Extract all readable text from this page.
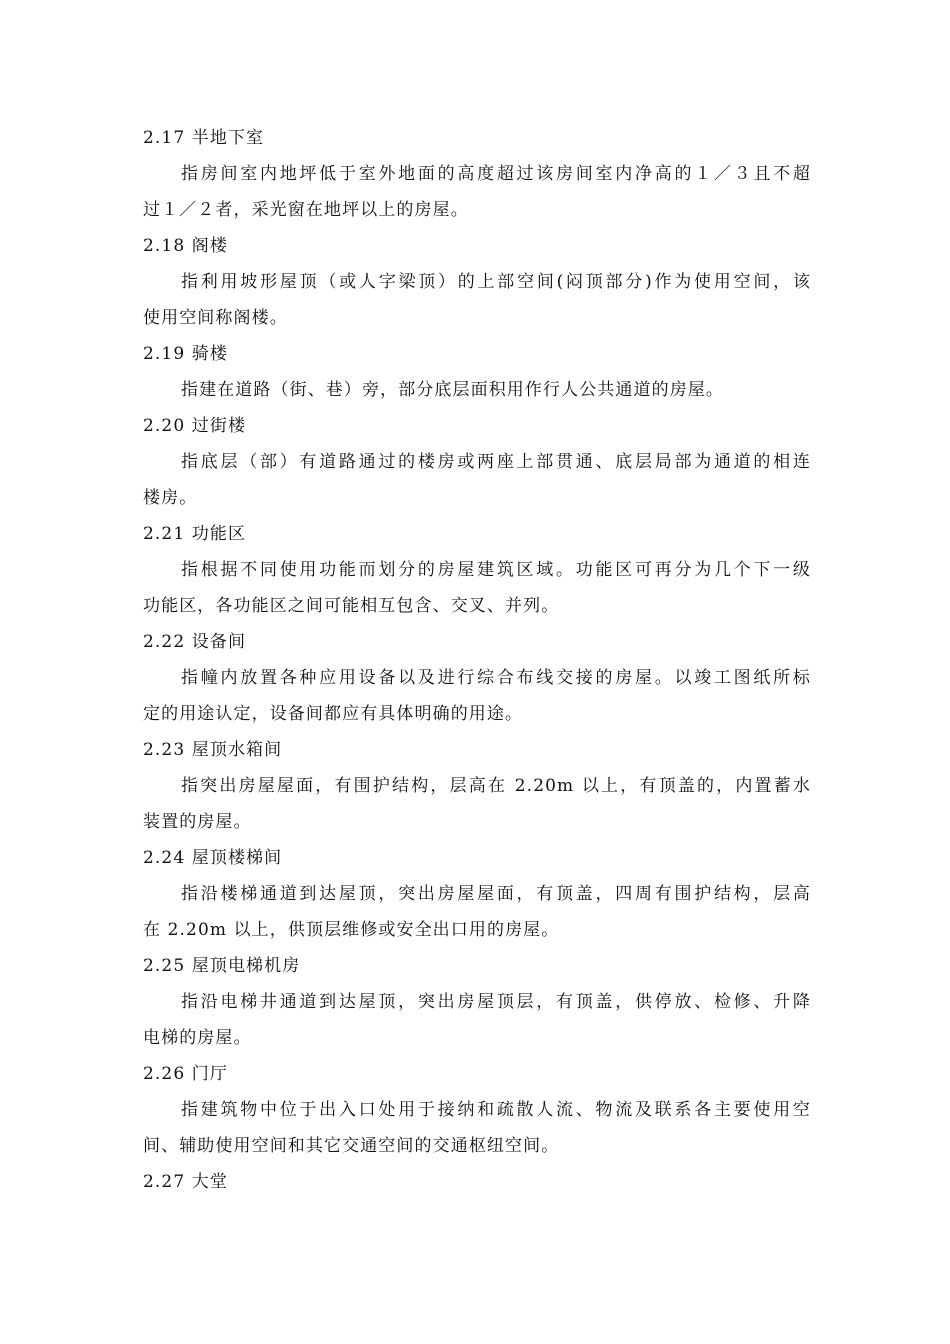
2.17 半地下室
指房间室内地坪低于室外地面的高度超过该房间室内净高的１／３且不超
过１／２者，采光窗在地坪以上的房屋。
2.18 阁楼
指利用坡形屋顶（或人字梁顶）的上部空间(闷顶部分)作为使用空间，该
使用空间称阁楼。
2.19 骑楼
指建在道路（街、巷）旁，部分底层面积用作行人公共通道的房屋。
2.20 过街楼
指底层（部）有道路通过的楼房或两座上部贯通、底层局部为通道的相连
楼房。
2.21 功能区
指根据不同使用功能而划分的房屋建筑区域。功能区可再分为几个下一级
功能区，各功能区之间可能相互包含、交叉、并列。
2.22 设备间
指幢内放置各种应用设备以及进行综合布线交接的房屋。以竣工图纸所标
定的用途认定，设备间都应有具体明确的用途。
2.23 屋顶水箱间
指突出房屋屋面，有围护结构，层高在 2.20m 以上，有顶盖的，内置蓄水
装置的房屋。
2.24 屋顶楼梯间
指沿楼梯通道到达屋顶，突出房屋屋面，有顶盖，四周有围护结构，层高
在 2.20m 以上，供顶层维修或安全出口用的房屋。
2.25 屋顶电梯机房
指沿电梯井通道到达屋顶，突出房屋顶层，有顶盖，供停放、检修、升降
电梯的房屋。
2.26 门厅
指建筑物中位于出入口处用于接纳和疏散人流、物流及联系各主要使用空
间、辅助使用空间和其它交通空间的交通枢纽空间。
2.27 大堂
